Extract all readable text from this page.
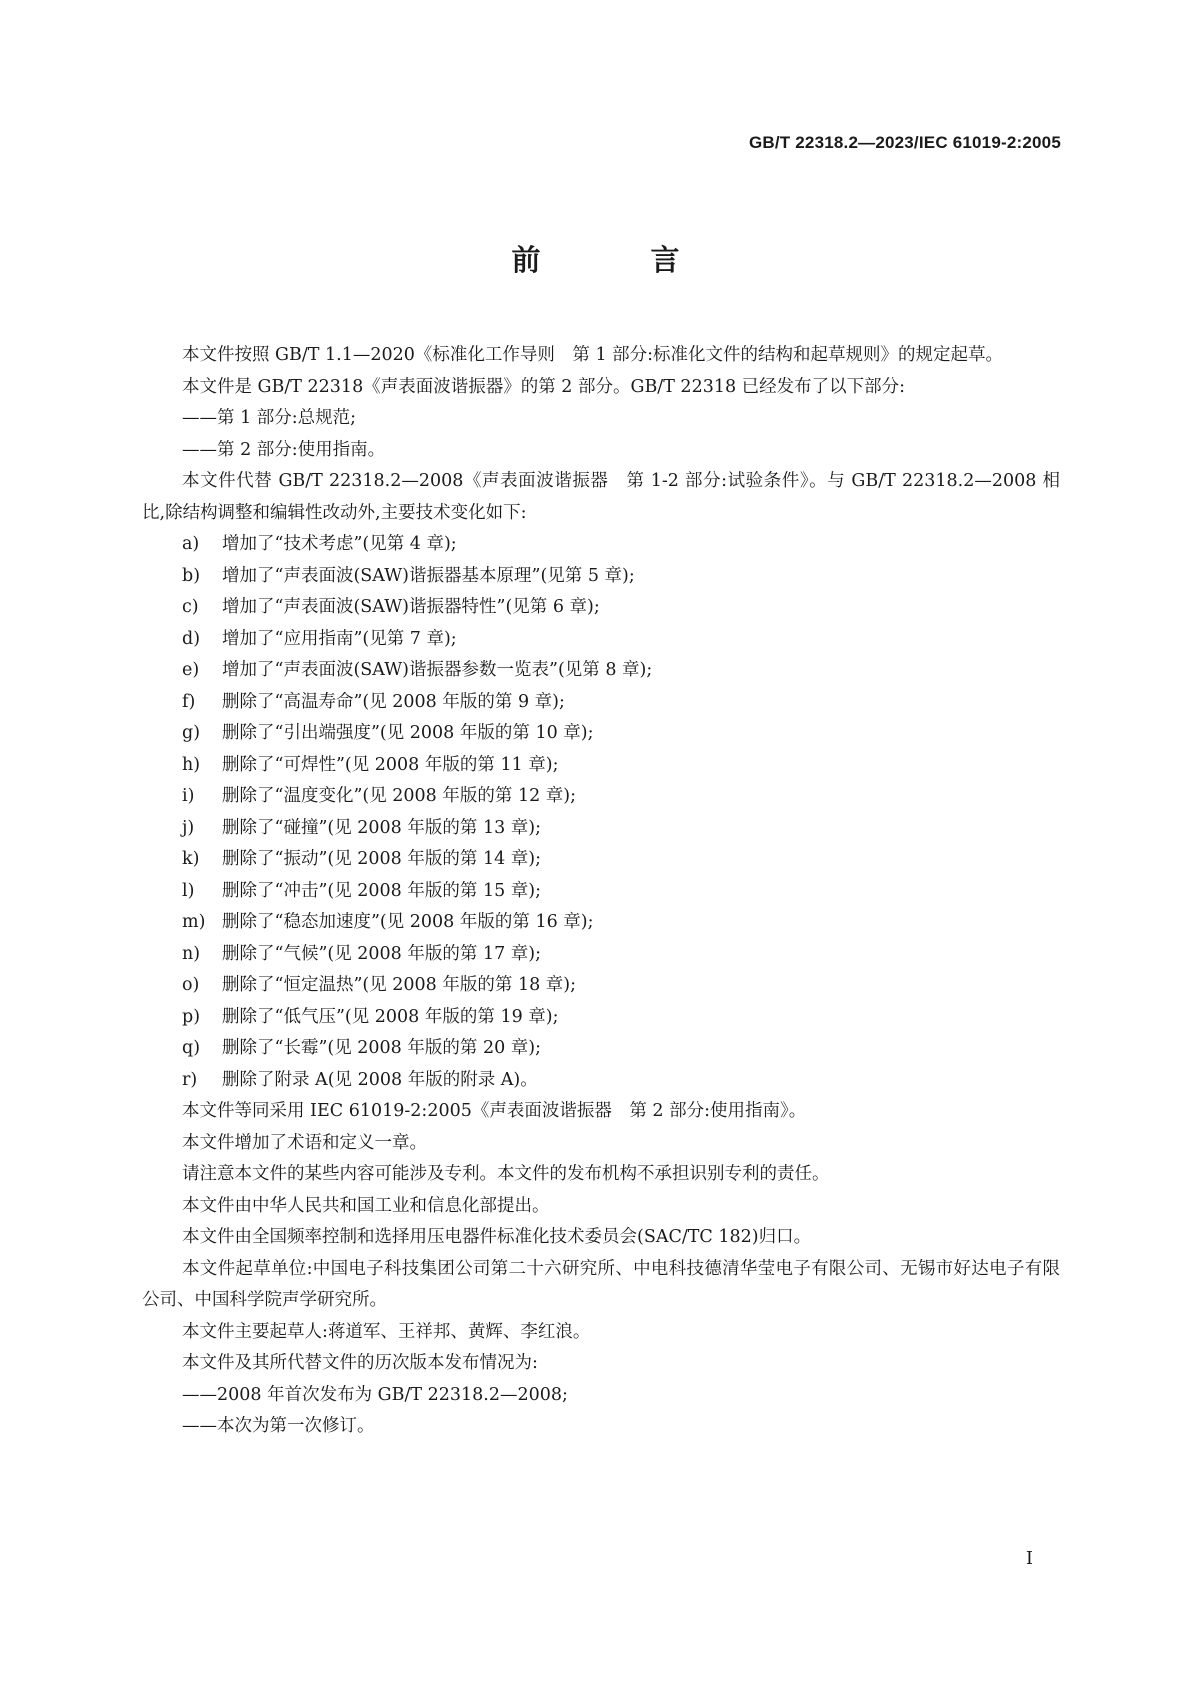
GB/T 22318.2—2023/IEC 61019-2:2005
前 言

本文件按照 GB/T 1.1—2020《标准化工作导则　第 1 部分:标准化文件的结构和起草规则》的规定起草。

本文件是 GB/T 22318《声表面波谐振器》的第 2 部分。GB/T 22318 已经发布了以下部分:

——第 1 部分:总规范;

——第 2 部分:使用指南。

本文件代替 GB/T 22318.2—2008《声表面波谐振器　第 1-2 部分:试验条件》。与 GB/T 22318.2—2008 相比,除结构调整和编辑性改动外,主要技术变化如下:

a)	增加了“技术考虑”(见第 4 章);

b)	增加了“声表面波(SAW)谐振器基本原理”(见第 5 章);

c)	增加了“声表面波(SAW)谐振器特性”(见第 6 章);

d)	增加了“应用指南”(见第 7 章);

e)	增加了“声表面波(SAW)谐振器参数一览表”(见第 8 章);

f)	删除了“高温寿命”(见 2008 年版的第 9 章);

g)	删除了“引出端强度”(见 2008 年版的第 10 章);

h)	删除了“可焊性”(见 2008 年版的第 11 章);

i)	删除了“温度变化”(见 2008 年版的第 12 章);

j)	删除了“碰撞”(见 2008 年版的第 13 章);

k)	删除了“振动”(见 2008 年版的第 14 章);

l)	删除了“冲击”(见 2008 年版的第 15 章);

m) 删除了“稳态加速度”(见 2008 年版的第 16 章);

n)	删除了“气候”(见 2008 年版的第 17 章);

o)	删除了“恒定温热”(见 2008 年版的第 18 章);

p)	删除了“低气压”(见 2008 年版的第 19 章);

q)	删除了“长霉”(见 2008 年版的第 20 章);

r)	删除了附录 A(见 2008 年版的附录 A)。

本文件等同采用 IEC 61019-2:2005《声表面波谐振器　第 2 部分:使用指南》。

本文件增加了术语和定义一章。

请注意本文件的某些内容可能涉及专利。本文件的发布机构不承担识别专利的责任。

本文件由中华人民共和国工业和信息化部提出。

本文件由全国频率控制和选择用压电器件标准化技术委员会(SAC/TC 182)归口。

本文件起草单位:中国电子科技集团公司第二十六研究所、中电科技德清华莹电子有限公司、无锡市好达电子有限公司、中国科学院声学研究所。

本文件主要起草人:蒋道军、王祥邦、黄辉、李红浪。

本文件及其所代替文件的历次版本发布情况为:

——2008 年首次发布为 GB/T 22318.2—2008;

——本次为第一次修订。

I
